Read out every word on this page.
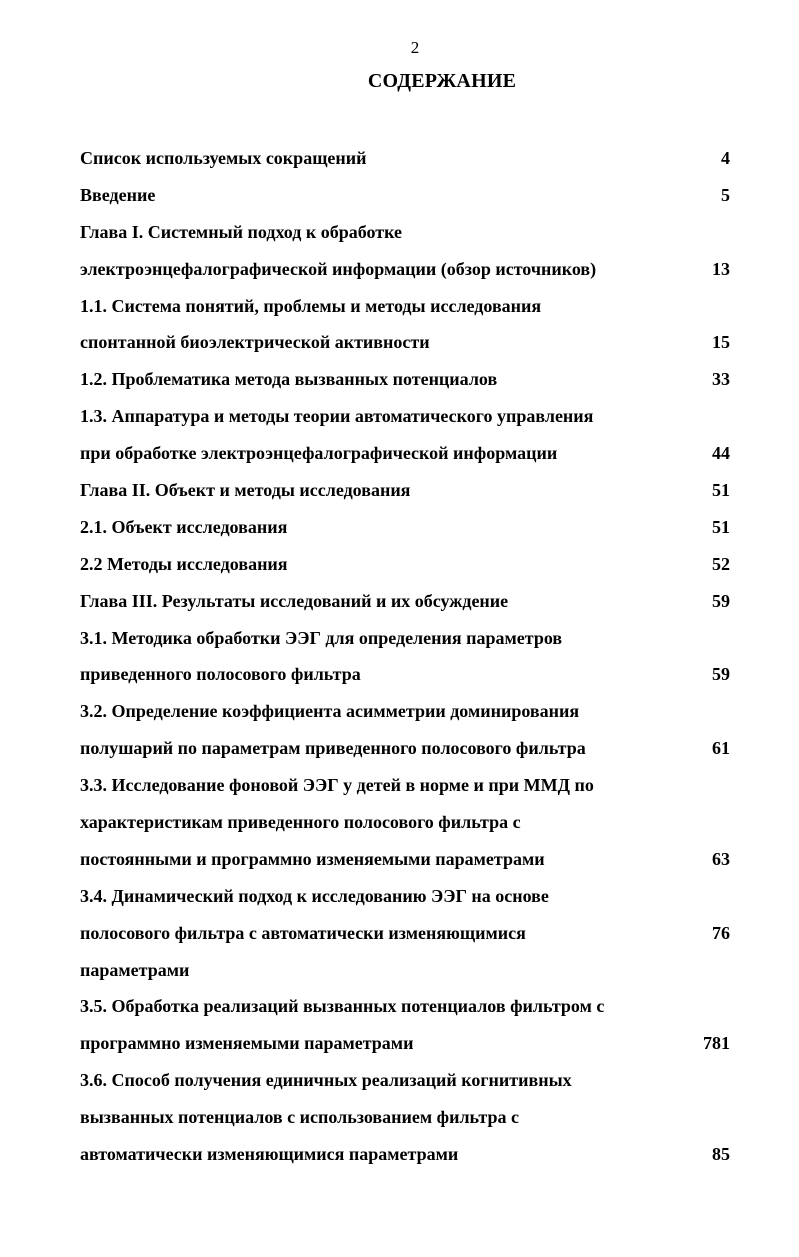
2
СОДЕРЖАНИЕ
Список используемых сокращений	4
Введение	5
Глава I. Системный подход к обработке
электроэнцефалографической информации (обзор источников)	13
1.1. Система понятий, проблемы и методы исследования
спонтанной биоэлектрической активности	15
1.2. Проблематика метода вызванных потенциалов	33
1.3. Аппаратура и методы теории автоматического управления
при обработке электроэнцефалографической информации	44
Глава II. Объект и методы исследования	51
2.1. Объект исследования	51
2.2 Методы исследования	52
Глава III. Результаты исследований и их обсуждение	59
3.1. Методика обработки ЭЭГ для определения параметров
приведенного полосового фильтра	59
3.2. Определение коэффициента асимметрии доминирования
полушарий по параметрам приведенного полосового фильтра	61
3.3. Исследование фоновой ЭЭГ у детей в норме и при ММД по
характеристикам приведенного полосового фильтра с
постоянными и программно изменяемыми параметрами	63
3.4. Динамический подход к исследованию ЭЭГ на основе
полосового фильтра с автоматически изменяющимися	76
параметрами
3.5. Обработка реализаций вызванных потенциалов фильтром с
программно изменяемыми параметрами	781
3.6. Способ получения единичных реализаций когнитивных
вызванных потенциалов с использованием фильтра с
автоматически изменяющимися параметрами	85
